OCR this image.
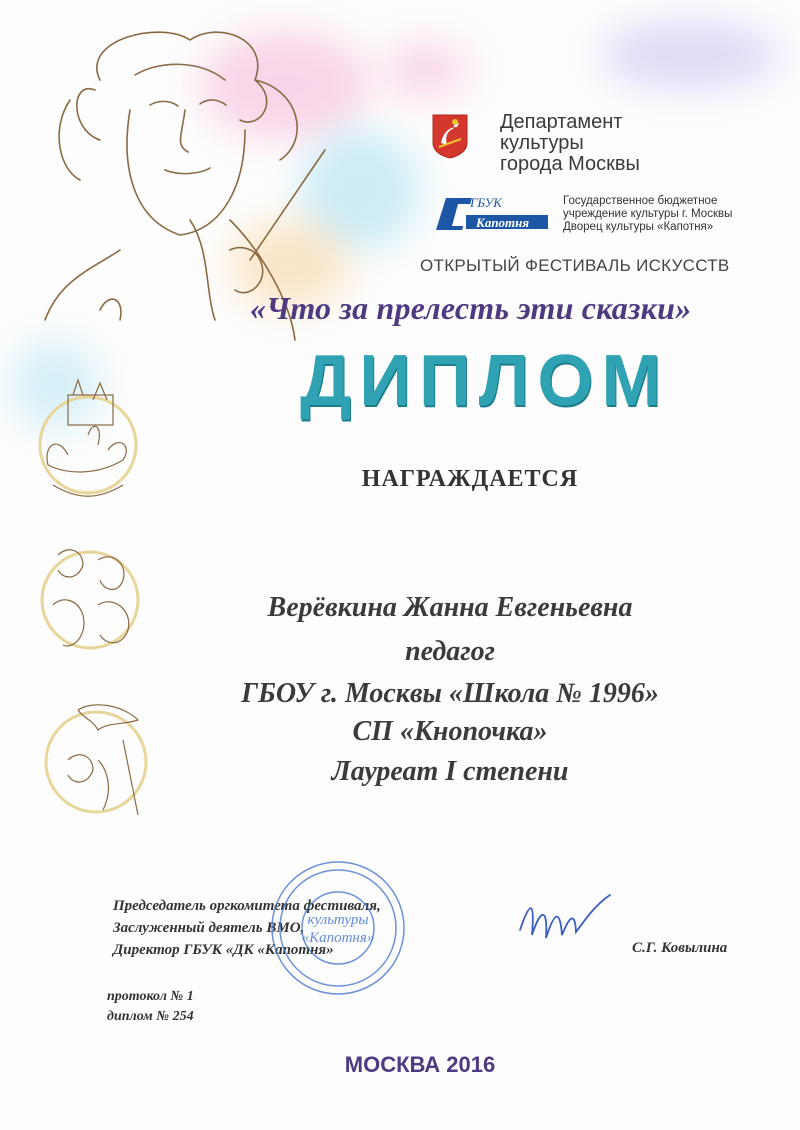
Департамент
культуры
города Москвы
ГБУК
Капотня
Государственное бюджетное
учреждение культуры г. Москвы
Дворец культуры «Капотня»
ОТКРЫТЫЙ ФЕСТИВАЛЬ ИСКУССТВ
«Что за прелесть эти сказки»
ДИПЛОМ
НАГРАЖДАЕТСЯ
Верёвкина Жанна Евгеньевна
педагог
ГБОУ г. Москвы «Школа № 1996»
СП «Кнопочка»
Лауреат I степени
Председатель оргкомитета фестиваля,
Заслуженный деятель ВМО,
Директор ГБУК «ДК «Капотня»
культуры
«Капотня»
С.Г. Ковылина
протокол № 1
диплом № 254
МОСКВА 2016
